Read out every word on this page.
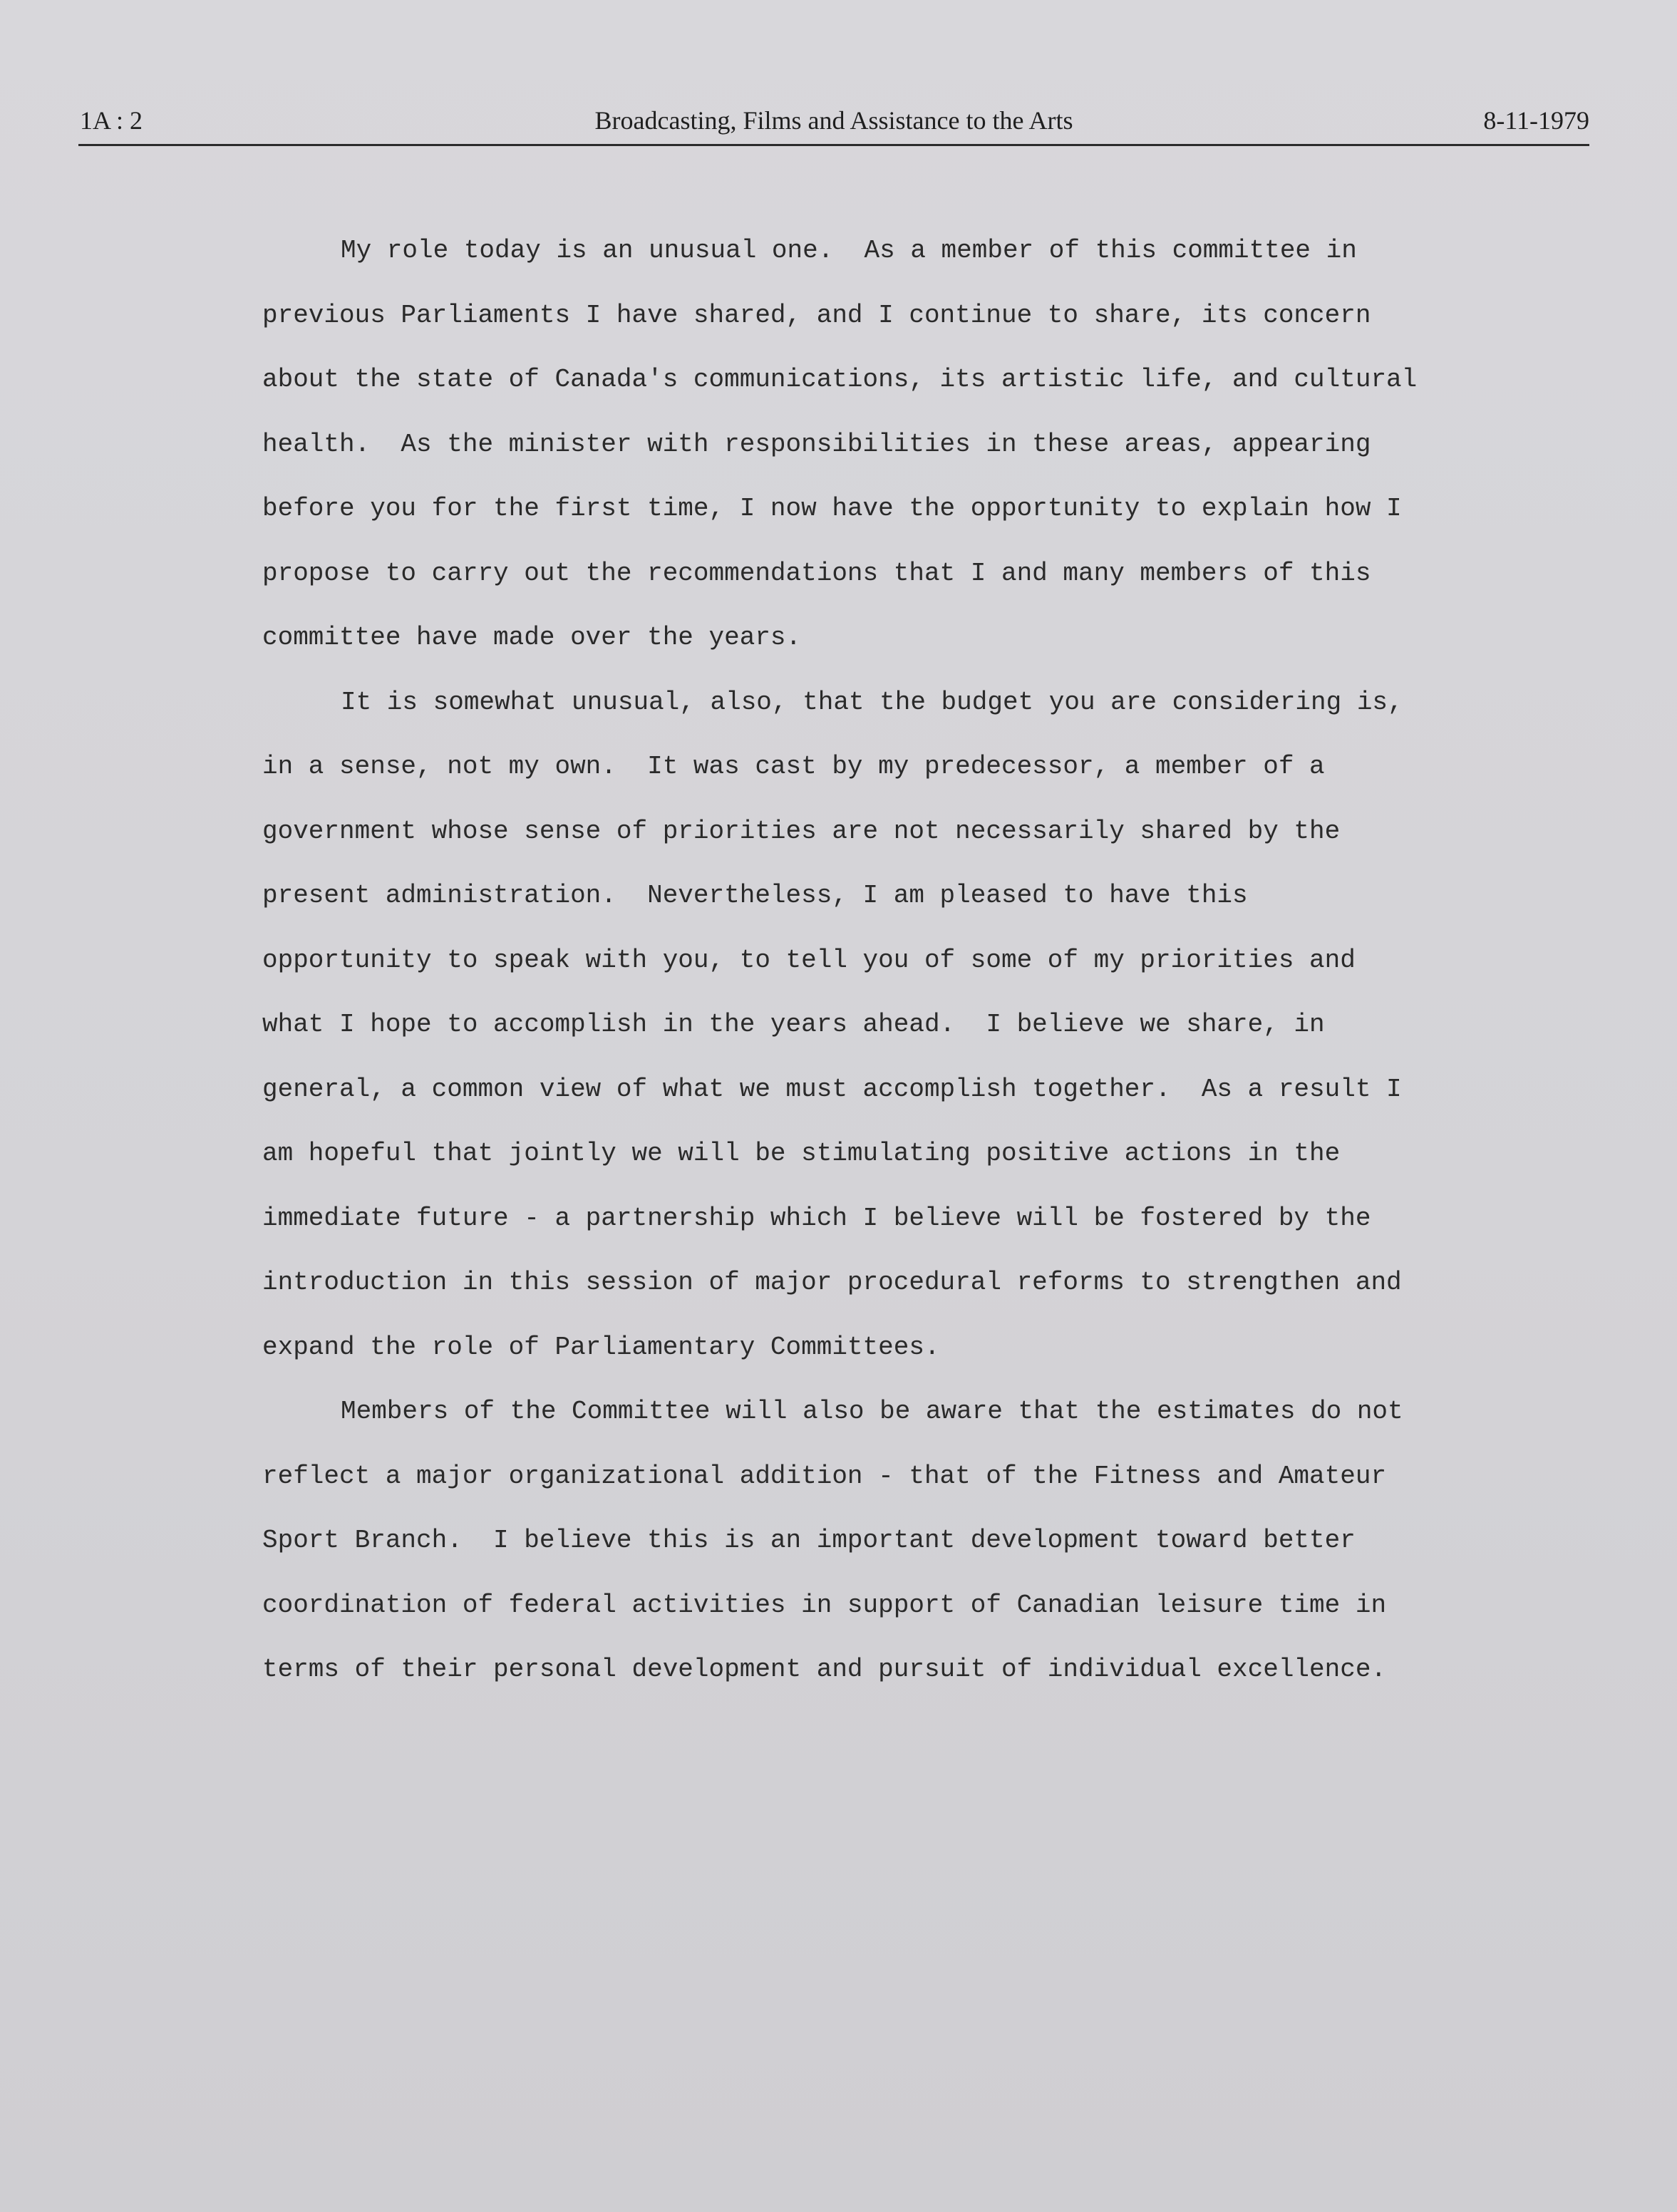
1A : 2	Broadcasting, Films and Assistance to the Arts	8-11-1979
My role today is an unusual one.  As a member of this committee in
previous Parliaments I have shared, and I continue to share, its concern
about the state of Canada's communications, its artistic life, and cultural
health.  As the minister with responsibilities in these areas, appearing
before you for the first time, I now have the opportunity to explain how I
propose to carry out the recommendations that I and many members of this
committee have made over the years.
It is somewhat unusual, also, that the budget you are considering is,
in a sense, not my own.  It was cast by my predecessor, a member of a
government whose sense of priorities are not necessarily shared by the
present administration.  Nevertheless, I am pleased to have this
opportunity to speak with you, to tell you of some of my priorities and
what I hope to accomplish in the years ahead.  I believe we share, in
general, a common view of what we must accomplish together.  As a result I
am hopeful that jointly we will be stimulating positive actions in the
immediate future - a partnership which I believe will be fostered by the
introduction in this session of major procedural reforms to strengthen and
expand the role of Parliamentary Committees.
Members of the Committee will also be aware that the estimates do not
reflect a major organizational addition - that of the Fitness and Amateur
Sport Branch.  I believe this is an important development toward better
coordination of federal activities in support of Canadian leisure time in
terms of their personal development and pursuit of individual excellence.
